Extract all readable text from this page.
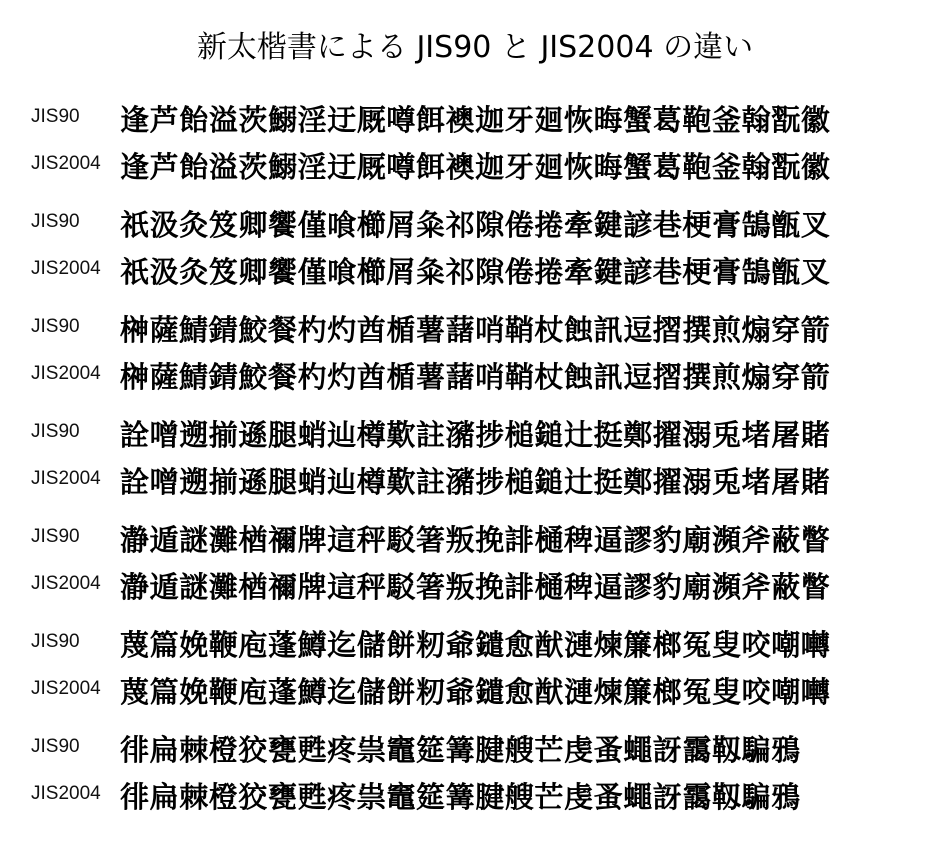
新太楷書による JIS90 と JIS2004 の違い
JIS90 逢芦飴溢茨鰯淫迂厩噂餌襖迦牙廻恢晦蟹葛鞄釜翰翫徽
JIS2004 逢芦飴溢茨鰯淫迂厩噂餌襖迦牙廻恢晦蟹葛鞄釜翰翫徽
JIS90 祇汲灸笈卿饗僅喰櫛屑粂祁隙倦捲牽鍵諺巷梗膏鵠甑叉
JIS2004 祇汲灸笈卿饗僅喰櫛屑粂祁隙倦捲牽鍵諺巷梗膏鵠甑叉
JIS90 榊薩鯖錆鮫餐杓灼酋楯薯藷哨鞘杖蝕訊逗摺撰煎煽穿箭
JIS2004 榊薩鯖錆鮫餐杓灼酋楯薯藷哨鞘杖蝕訊逗摺撰煎煽穿箭
JIS90 詮噌遡揃遜腿蛸辿樽歎註瀦捗槌鎚辻挺鄭擢溺兎堵屠賭
JIS2004 詮噌遡揃遜腿蛸辿樽歎註瀦捗槌鎚辻挺鄭擢溺兎堵屠賭
JIS90 瀞遁謎灘楢禰牌這秤駁箸叛挽誹樋稗逼謬豹廟瀕斧蔽瞥
JIS2004 瀞遁謎灘楢禰牌這秤駁箸叛挽誹樋稗逼謬豹廟瀕斧蔽瞥
JIS90 蔑篇娩鞭庖蓬鱒迄儲餅籾爺鑓愈猷漣煉簾榔冤叟咬嘲囀
JIS2004 蔑篇娩鞭庖蓬鱒迄儲餅籾爺鑓愈猷漣煉簾榔冤叟咬嘲囀
JIS90 徘扁棘橙狡甕甦疼祟竈筵篝腱艘芒虔蚤蠅訝靄靱騙鴉
JIS2004 徘扁棘橙狡甕甦疼祟竈筵篝腱艘芒虔蚤蠅訝靄靱騙鴉
